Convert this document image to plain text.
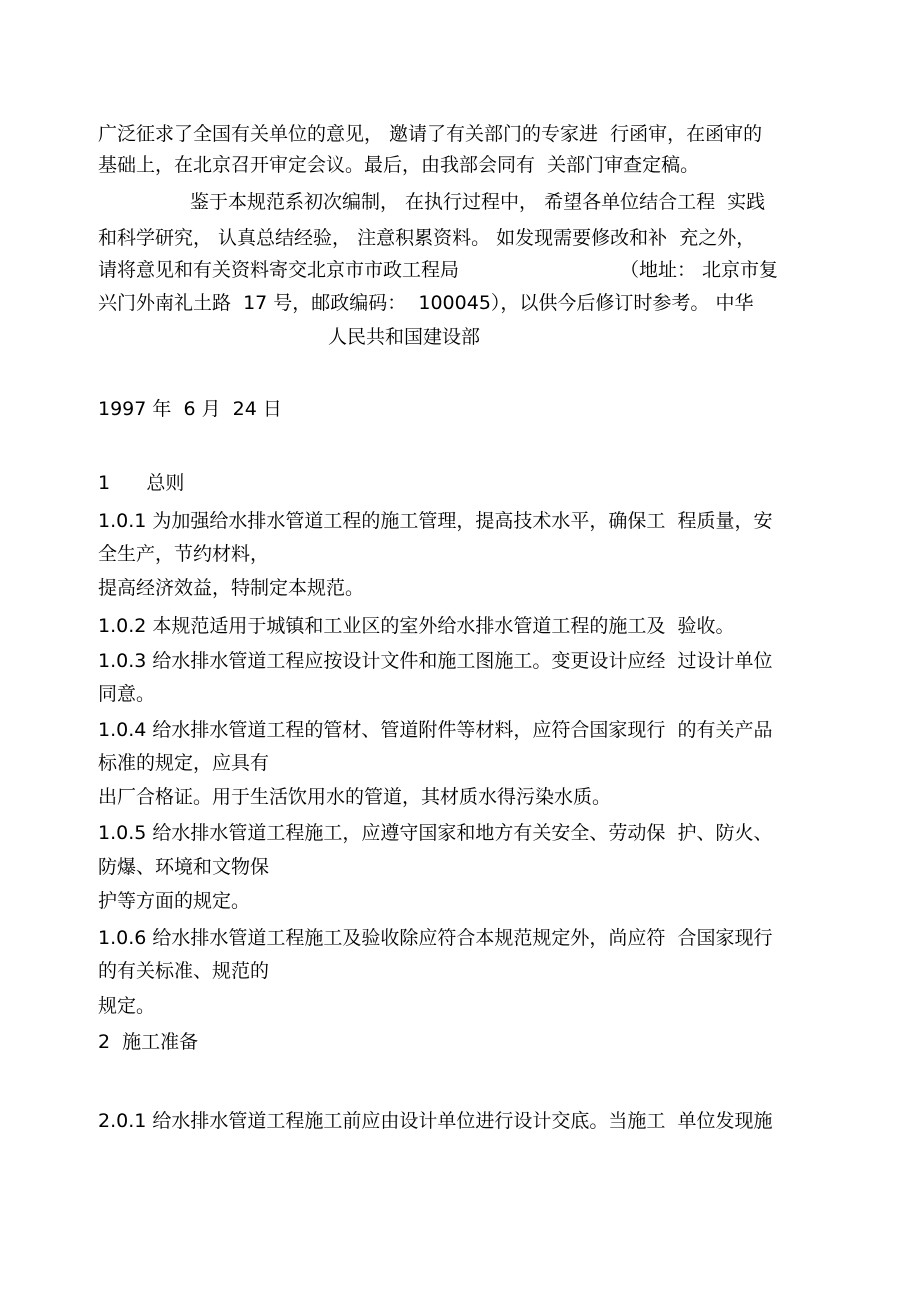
广泛征求了全国有关单位的意见， 邀请了有关部门的专家进  行函审，在函审的

基础上，在北京召开审定会议。最后，由我部会同有  关部门审查定稿。

鉴于本规范系初次编制， 在执行过程中， 希望各单位结合工程  实践

和科学研究， 认真总结经验， 注意积累资料。 如发现需要修改和补  充之外，

请将意见和有关资料寄交北京市市政工程局	（地址： 北京市复

兴门外南礼土路  17 号，邮政编码：  100045），以供今后修订时参考。 中华

人民共和国建设部

1997 年  6 月  24 日

1      总则

1.0.1 为加强给水排水管道工程的施工管理，提高技术水平，确保工  程质量，安

全生产，节约材料，

提高经济效益，特制定本规范。

1.0.2 本规范适用于城镇和工业区的室外给水排水管道工程的施工及  验收。

1.0.3 给水排水管道工程应按设计文件和施工图施工。变更设计应经  过设计单位

同意。

1.0.4 给水排水管道工程的管材、管道附件等材料，应符合国家现行  的有关产品

标准的规定，应具有

出厂合格证。用于生活饮用水的管道，其材质水得污染水质。

1.0.5 给水排水管道工程施工，应遵守国家和地方有关安全、劳动保  护、防火、

防爆、环境和文物保

护等方面的规定。

1.0.6 给水排水管道工程施工及验收除应符合本规范规定外，尚应符  合国家现行

的有关标准、规范的

规定。

2  施工准备

2.0.1 给水排水管道工程施工前应由设计单位进行设计交底。当施工  单位发现施
